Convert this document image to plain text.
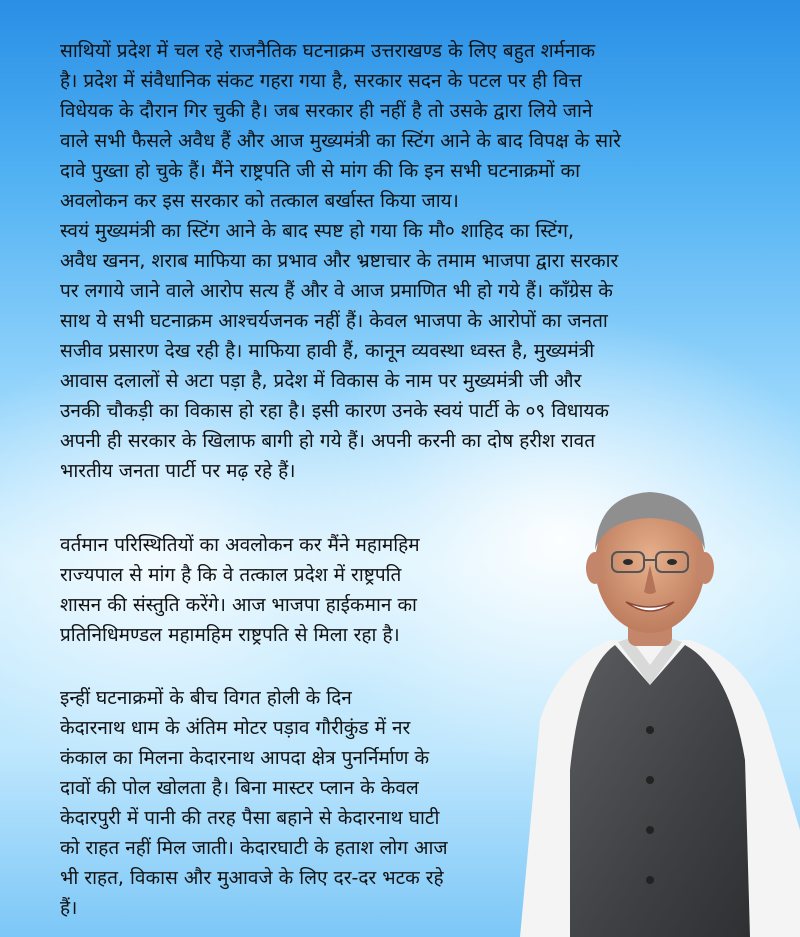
साथियों प्रदेश में चल रहे राजनैतिक घटनाक्रम उत्तराखण्ड के लिए बहुत शर्मनाक
है। प्रदेश में संवैधानिक संकट गहरा गया है, सरकार सदन के पटल पर ही वित्त
विधेयक के दौरान गिर चुकी है। जब सरकार ही नहीं है तो उसके द्वारा लिये जाने
वाले सभी फैसले अवैध हैं और आज मुख्यमंत्री का स्टिंग आने के बाद विपक्ष के सारे
दावे पुख्ता हो चुके हैं। मैंने राष्ट्रपति जी से मांग की कि इन सभी घटनाक्रमों का
अवलोकन कर इस सरकार को तत्काल बर्खास्त किया जाय।
स्वयं मुख्यमंत्री का स्टिंग आने के बाद स्पष्ट हो गया कि मौ० शाहिद का स्टिंग,
अवैध खनन, शराब माफिया का प्रभाव और भ्रष्टाचार के तमाम भाजपा द्वारा सरकार
पर लगाये जाने वाले आरोप सत्य हैं और वे आज प्रमाणित भी हो गये हैं। कॉंग्रेस के
साथ ये सभी घटनाक्रम आश्चर्यजनक नहीं हैं। केवल भाजपा के आरोपों का जनता
सजीव प्रसारण देख रही है। माफिया हावी हैं, कानून व्यवस्था ध्वस्त है, मुख्यमंत्री
आवास दलालों से अटा पड़ा है, प्रदेश में विकास के नाम पर मुख्यमंत्री जी और
उनकी चौकड़ी का विकास हो रहा है। इसी कारण उनके स्वयं पार्टी के ०९ विधायक
अपनी ही सरकार के खिलाफ बागी हो गये हैं। अपनी करनी का दोष हरीश रावत
भारतीय जनता पार्टी पर मढ़ रहे हैं।

वर्तमान परिस्थितियों का अवलोकन कर मैंने महामहिम
राज्यपाल से मांग है कि वे तत्काल प्रदेश में राष्ट्रपति
शासन की संस्तुति करेंगे। आज भाजपा हाईकमान का
प्रतिनिधिमण्डल महामहिम राष्ट्रपति से मिला रहा है।

इन्हीं घटनाक्रमों के बीच विगत होली के दिन
केदारनाथ धाम के अंतिम मोटर पड़ाव गौरीकुंड में नर
कंकाल का मिलना केदारनाथ आपदा क्षेत्र पुनर्निर्माण के
दावों की पोल खोलता है। बिना मास्टर प्लान के केवल
केदारपुरी में पानी की तरह पैसा बहाने से केदारनाथ घाटी
को राहत नहीं मिल जाती। केदारघाटी के हताश लोग आज
भी राहत, विकास और मुआवजे के लिए दर-दर भटक रहे
हैं।
